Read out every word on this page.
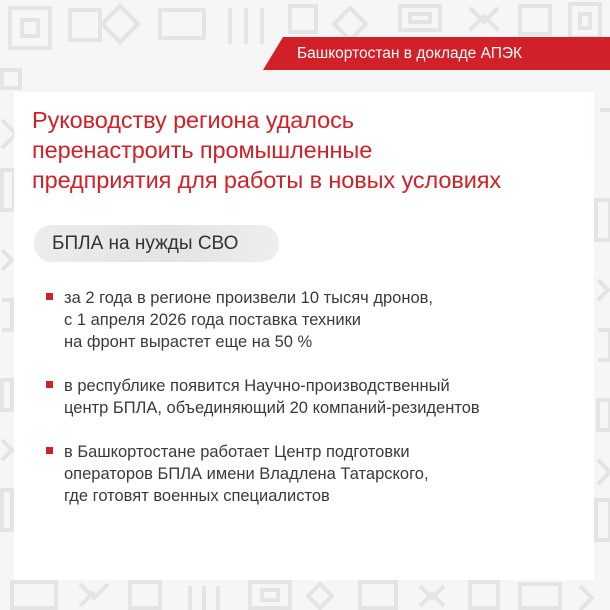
Башкортостан в докладе АПЭК
Руководству региона удалось
перенастроить промышленные
предприятия для работы в новых условиях
БПЛА на нужды СВО
за 2 года в регионе произвели 10 тысяч дронов,
с 1 апреля 2026 года поставка техники
на фронт вырастет еще на 50 %
в республике появится Научно-производственный
центр БПЛА, объединяющий 20 компаний-резидентов
в Башкортостане работает Центр подготовки
операторов БПЛА имени Владлена Татарского,
где готовят военных специалистов
